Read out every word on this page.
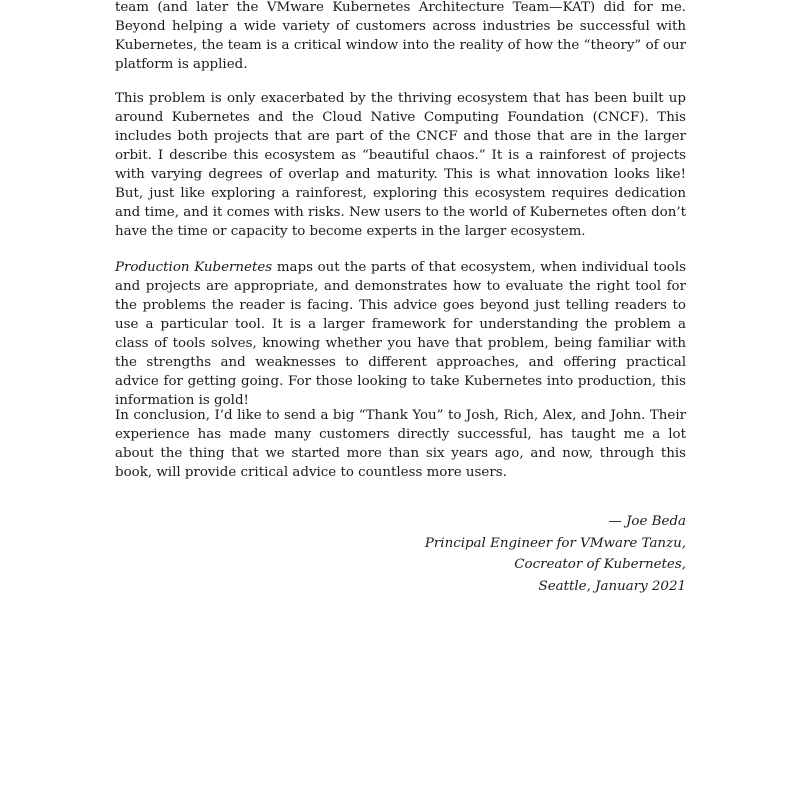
team (and later the VMware Kubernetes Architecture Team—KAT) did for me. Beyond helping a wide variety of customers across industries be successful with Kubernetes, the team is a critical window into the reality of how the “theory” of our platform is applied.

This problem is only exacerbated by the thriving ecosystem that has been built up around Kubernetes and the Cloud Native Computing Foundation (CNCF). This includes both projects that are part of the CNCF and those that are in the larger orbit. I describe this ecosystem as “beautiful chaos.” It is a rainforest of projects with varying degrees of overlap and maturity. This is what innovation looks like! But, just like exploring a rainforest, exploring this ecosystem requires dedication and time, and it comes with risks. New users to the world of Kubernetes often don’t have the time or capacity to become experts in the larger ecosystem.

Production Kubernetes maps out the parts of that ecosystem, when individual tools and projects are appropriate, and demonstrates how to evaluate the right tool for the problems the reader is facing. This advice goes beyond just telling readers to use a particular tool. It is a larger framework for understanding the problem a class of tools solves, knowing whether you have that problem, being familiar with the strengths and weaknesses to different approaches, and offering practical advice for getting going. For those looking to take Kubernetes into production, this information is gold!

In conclusion, I’d like to send a big “Thank You” to Josh, Rich, Alex, and John. Their experience has made many customers directly successful, has taught me a lot about the thing that we started more than six years ago, and now, through this book, will provide critical advice to countless more users.

— Joe Beda
Principal Engineer for VMware Tanzu,
Cocreator of Kubernetes,
Seattle, January 2021
